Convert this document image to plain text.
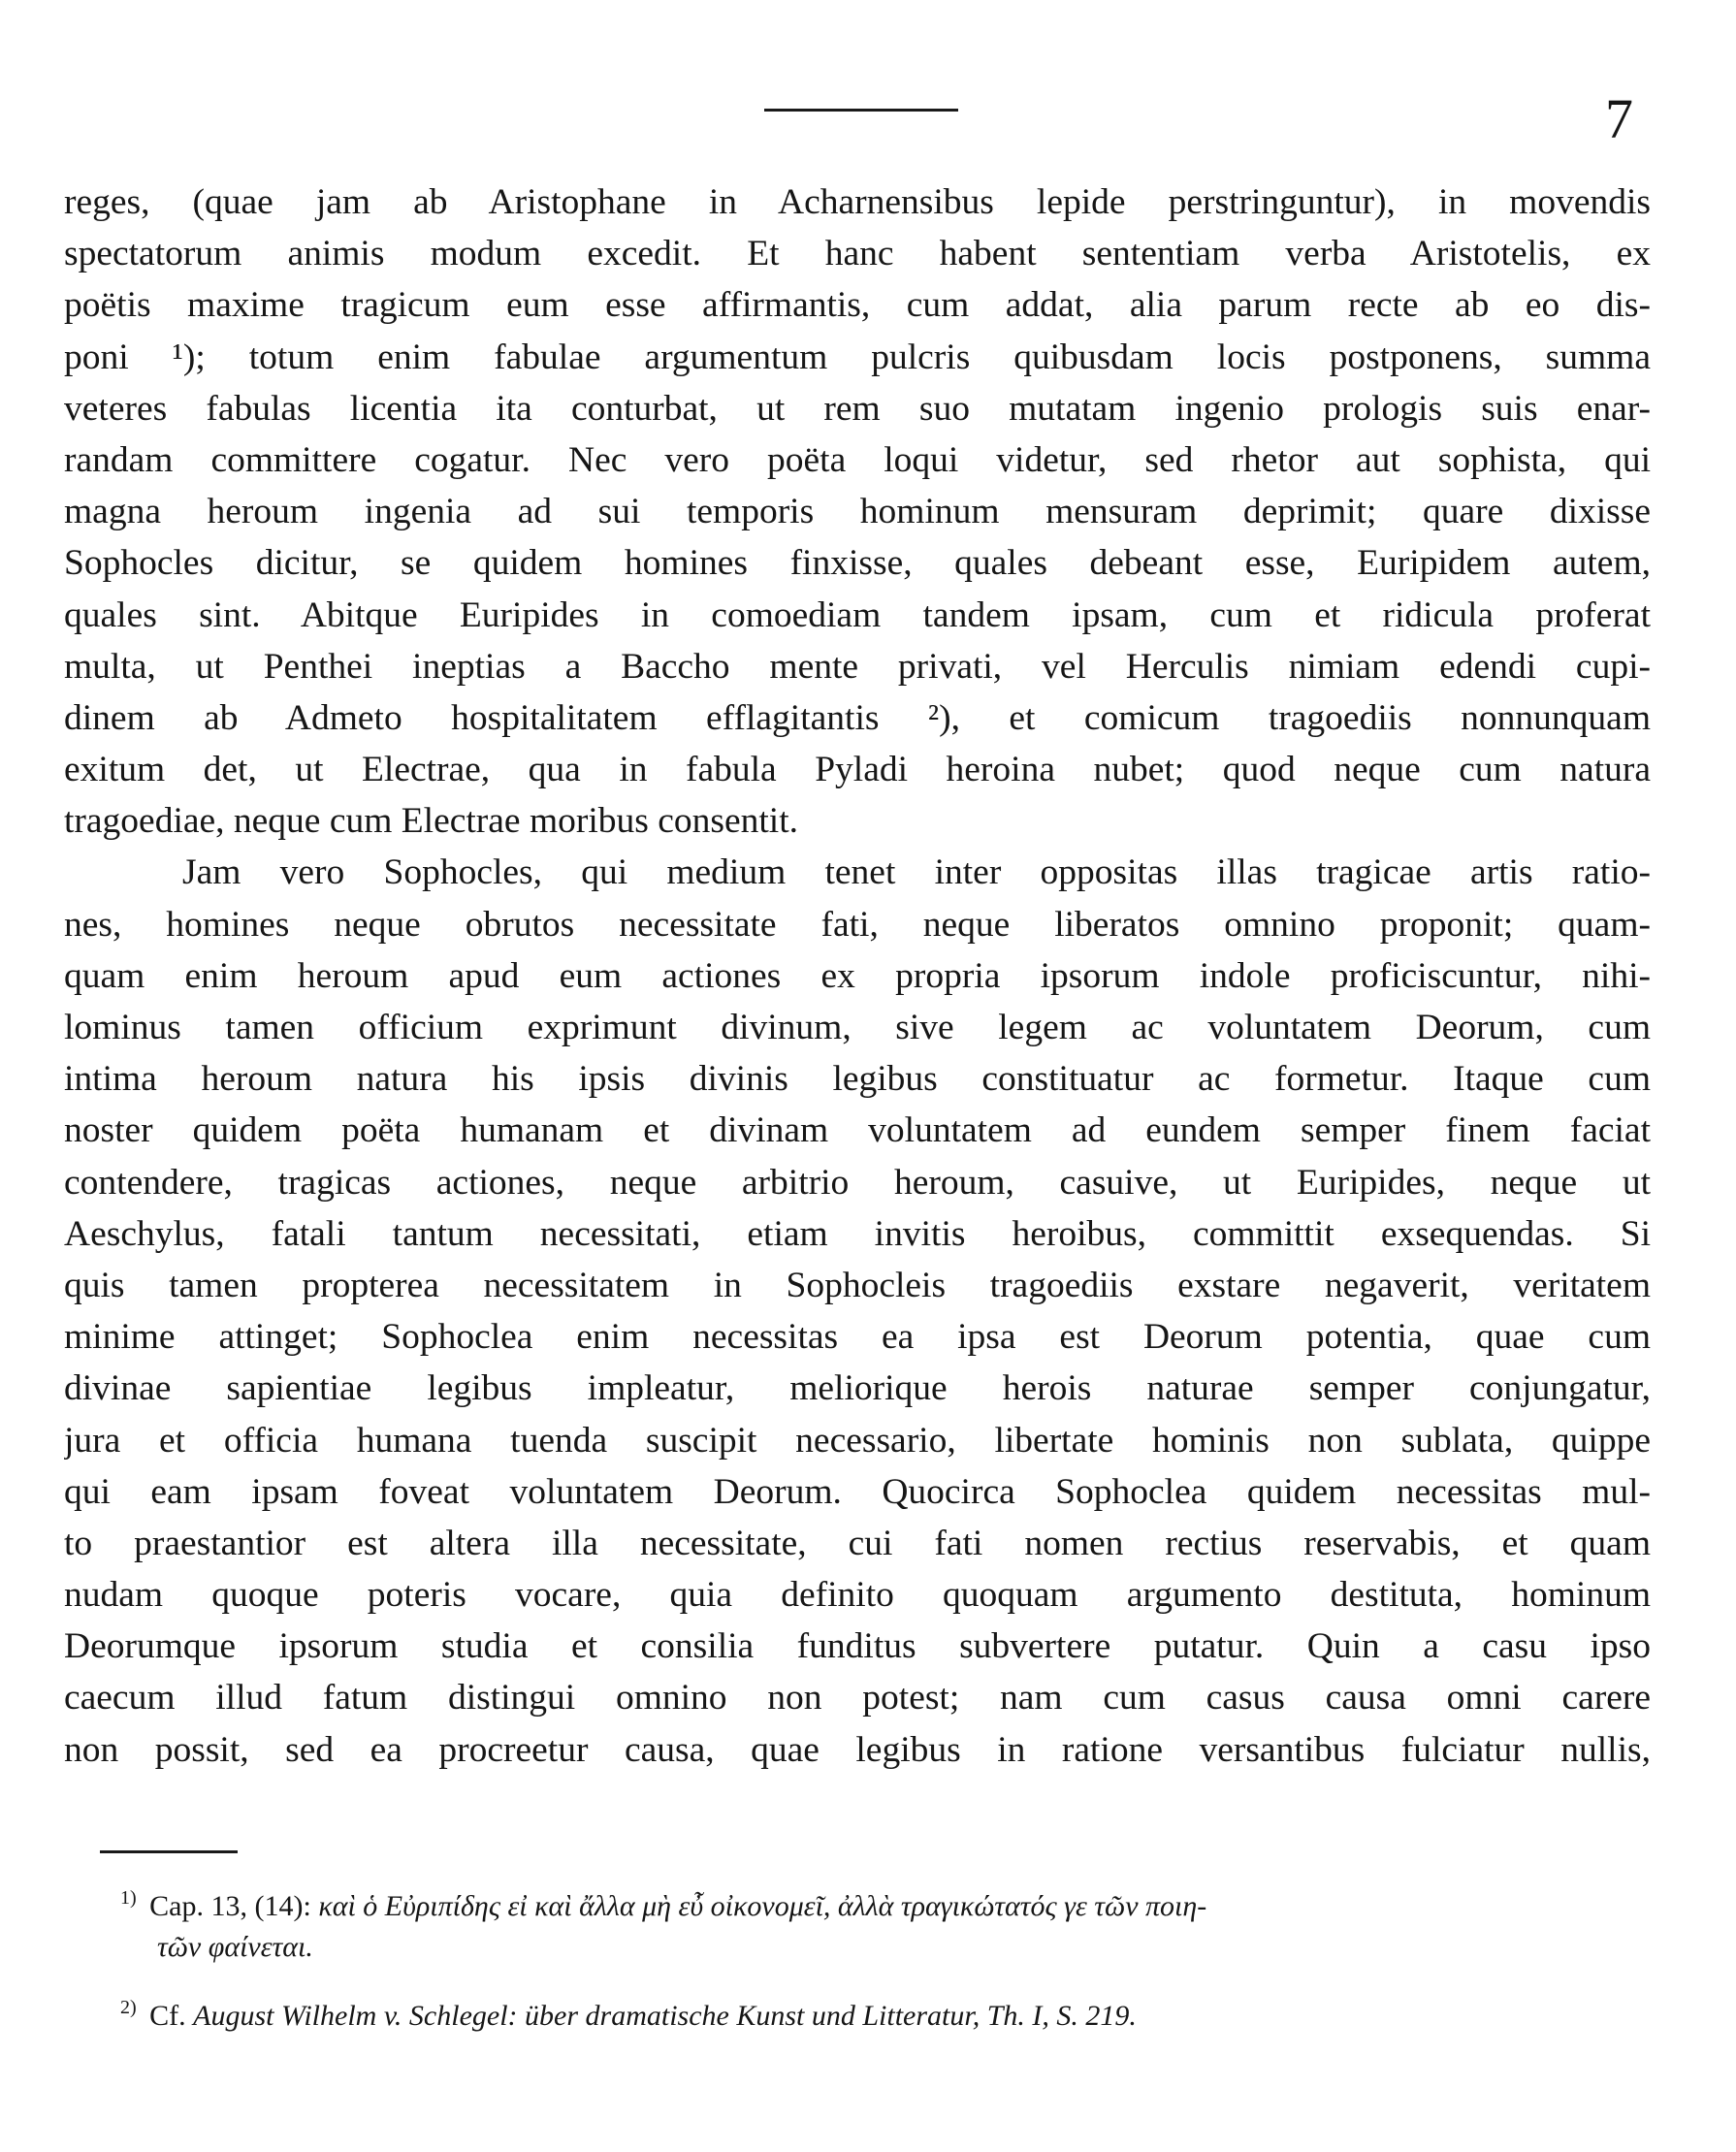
7
reges, (quae jam ab Aristophane in Acharnensibus lepide perstringuntur), in movendis
spectatorum animis modum excedit. Et hanc habent sententiam verba Aristotelis, ex
poëtis maxime tragicum eum esse affirmantis, cum addat, alia parum recte ab eo dis-
poni ¹); totum enim fabulae argumentum pulcris quibusdam locis postponens, summa
veteres fabulas licentia ita conturbat, ut rem suo mutatam ingenio prologis suis enar-
randam committere cogatur. Nec vero poëta loqui videtur, sed rhetor aut sophista, qui
magna heroum ingenia ad sui temporis hominum mensuram deprimit; quare dixisse
Sophocles dicitur, se quidem homines finxisse, quales debeant esse, Euripidem autem,
quales sint. Abitque Euripides in comoediam tandem ipsam, cum et ridicula proferat
multa, ut Penthei ineptias a Baccho mente privati, vel Herculis nimiam edendi cupi-
dinem ab Admeto hospitalitatem efflagitantis ²), et comicum tragoediis nonnunquam
exitum det, ut Electrae, qua in fabula Pyladi heroina nubet; quod neque cum natura
tragoediae, neque cum Electrae moribus consentit.
Jam vero Sophocles, qui medium tenet inter oppositas illas tragicae artis ratio-
nes, homines neque obrutos necessitate fati, neque liberatos omnino proponit; quam-
quam enim heroum apud eum actiones ex propria ipsorum indole proficiscuntur, nihi-
lominus tamen officium exprimunt divinum, sive legem ac voluntatem Deorum, cum
intima heroum natura his ipsis divinis legibus constituatur ac formetur. Itaque cum
noster quidem poëta humanam et divinam voluntatem ad eundem semper finem faciat
contendere, tragicas actiones, neque arbitrio heroum, casuive, ut Euripides, neque ut
Aeschylus, fatali tantum necessitati, etiam invitis heroibus, committit exsequendas. Si
quis tamen propterea necessitatem in Sophocleis tragoediis exstare negaverit, veritatem
minime attinget; Sophoclea enim necessitas ea ipsa est Deorum potentia, quae cum
divinae sapientiae legibus impleatur, meliorique herois naturae semper conjungatur,
jura et officia humana tuenda suscipit necessario, libertate hominis non sublata, quippe
qui eam ipsam foveat voluntatem Deorum. Quocirca Sophoclea quidem necessitas mul-
to praestantior est altera illa necessitate, cui fati nomen rectius reservabis, et quam
nudam quoque poteris vocare, quia definito quoquam argumento destituta, hominum
Deorumque ipsorum studia et consilia funditus subvertere putatur. Quin a casu ipso
caecum illud fatum distingui omnino non potest; nam cum casus causa omni carere
non possit, sed ea procreetur causa, quae legibus in ratione versantibus fulciatur nullis,
$^{1)}$ Cap. 13, (14): καὶ ὁ Εὐριπίδης εἰ καὶ ἄλλα μὴ εὖ οἰκονομεῖ, ἀλλὰ τραγικώτατός γε τῶν ποιη-
τῶν φαίνεται.
$^{2)}$ Cf. August Wilhelm v. Schlegel: über dramatische Kunst und Litteratur, Th. I, S. 219.
